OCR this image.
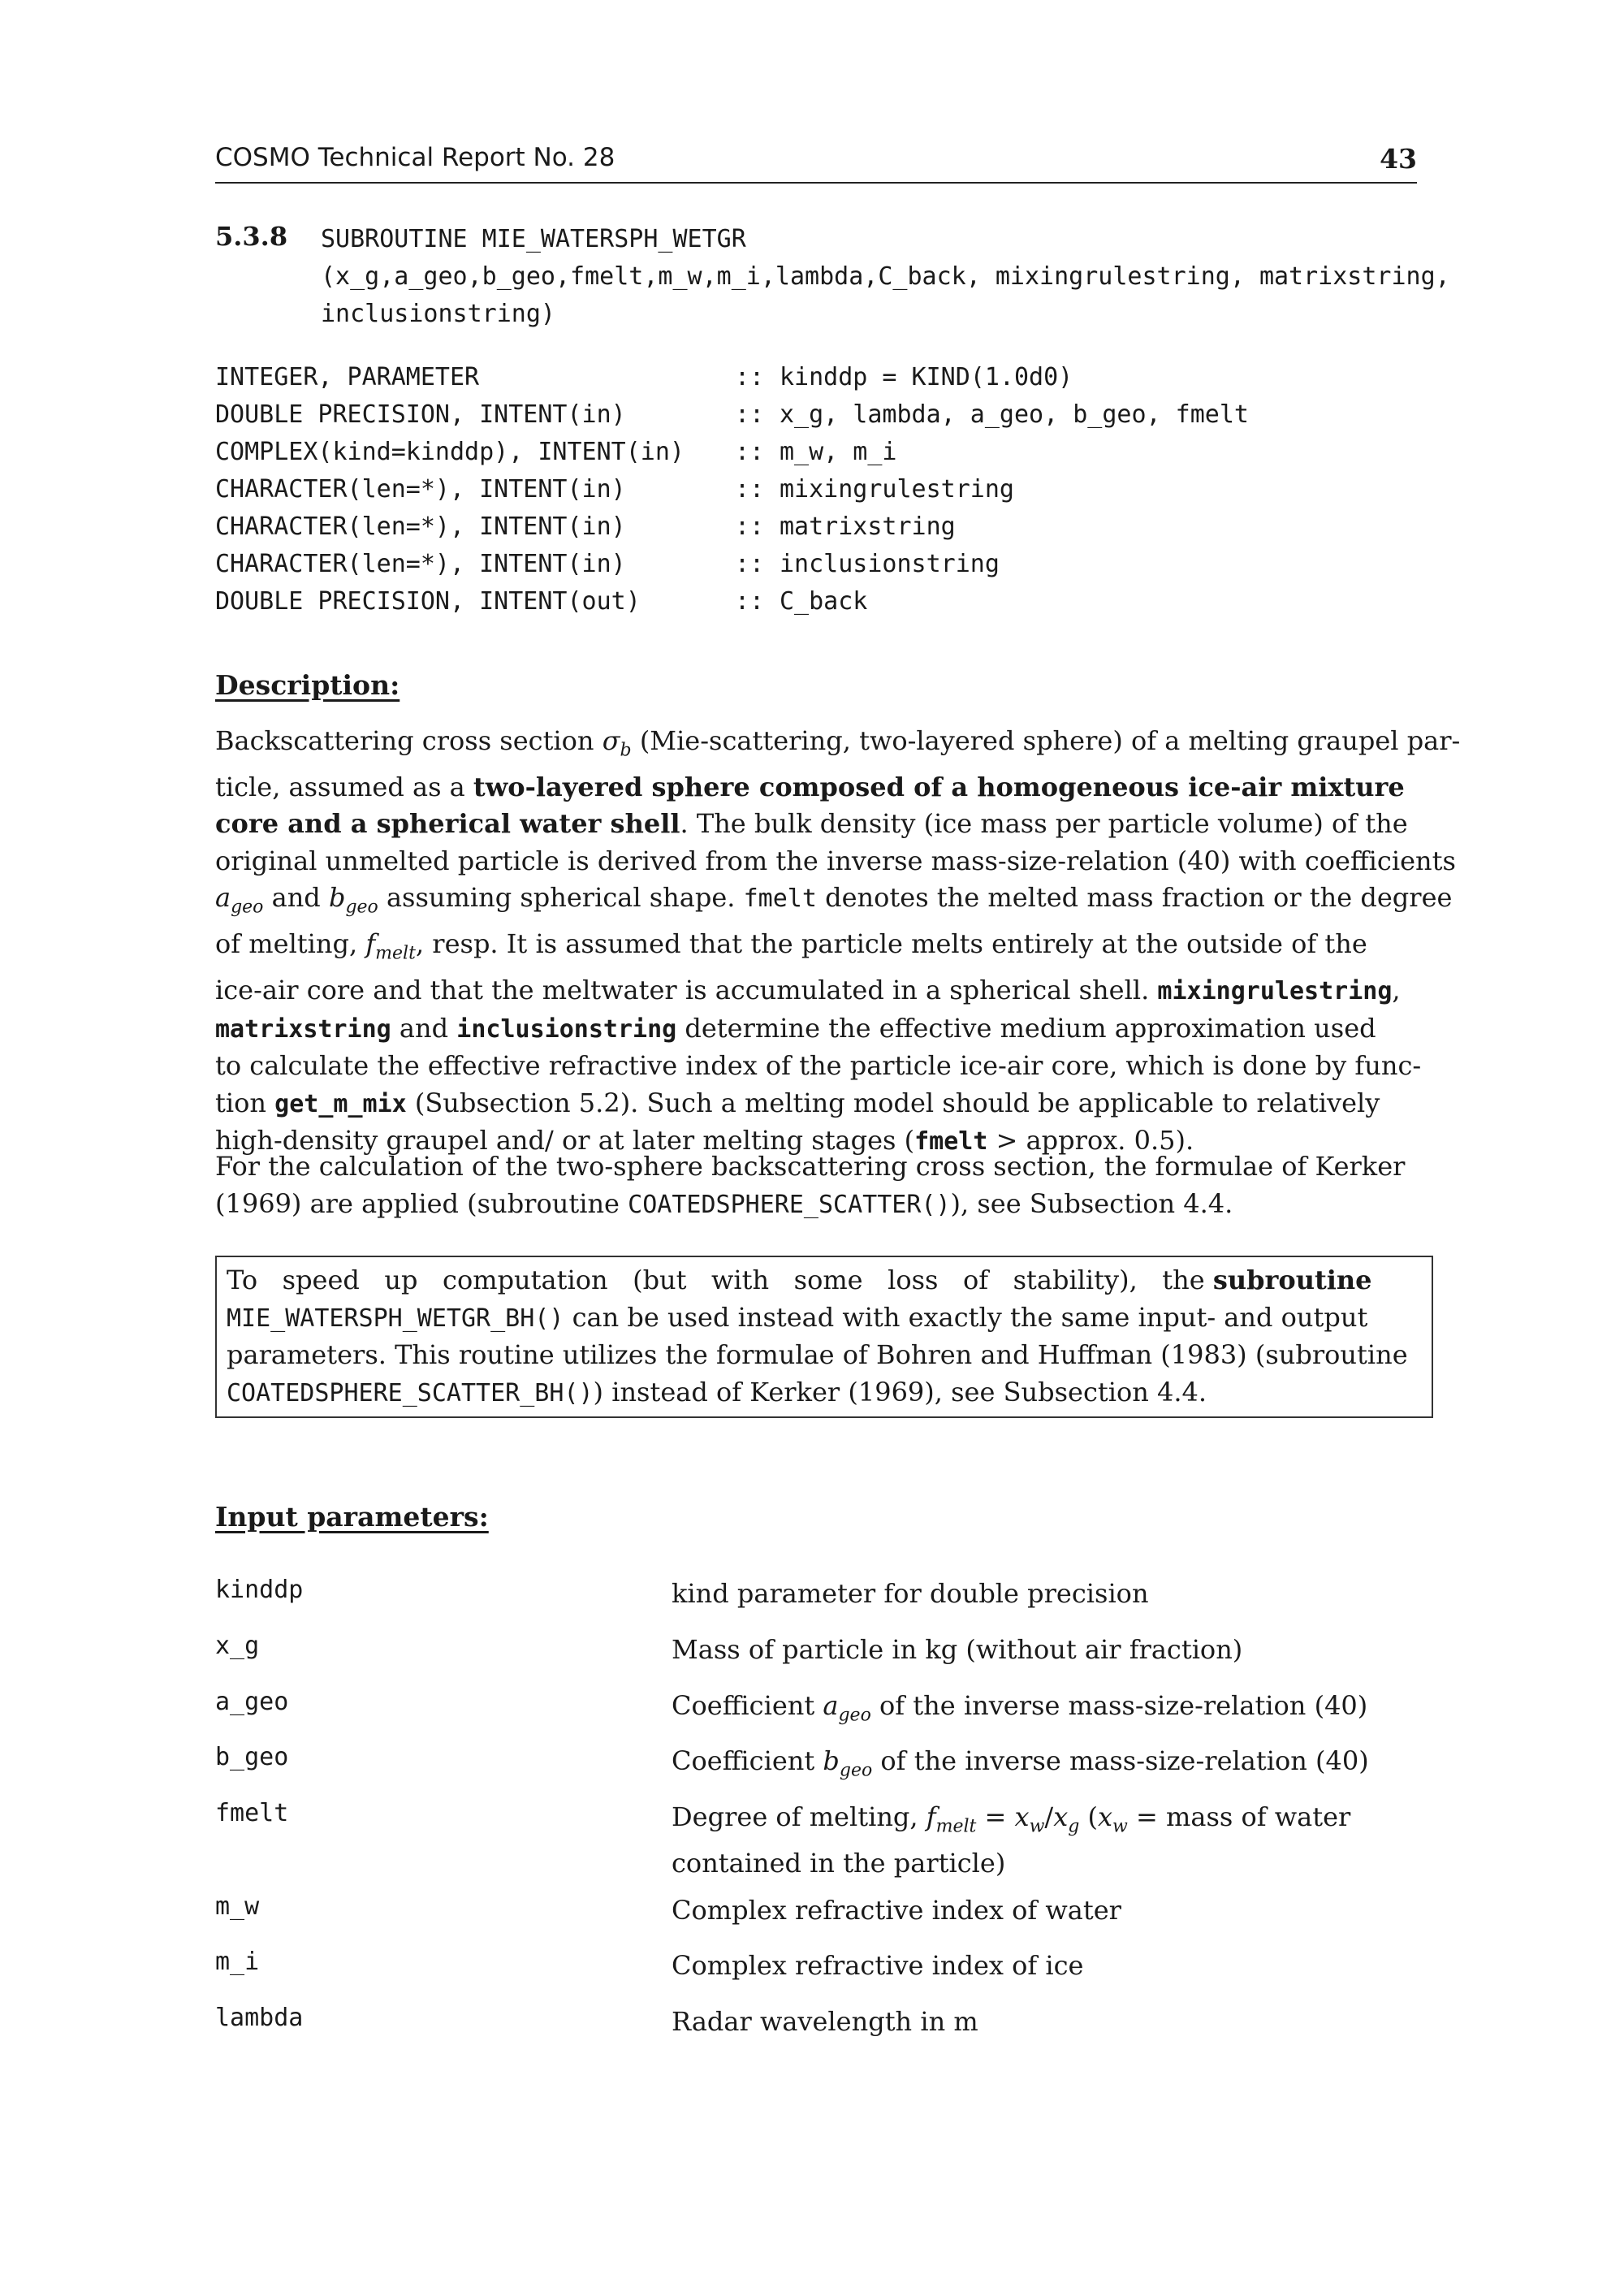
COSMO Technical Report No. 28	43
5.3.8 SUBROUTINE MIE_WATERSPH_WETGR
(x_g,a_geo,b_geo,fmelt,m_w,m_i,lambda,C_back, mixingrulestring, matrixstring,
inclusionstring)
INTEGER, PARAMETER	:: kinddp = KIND(1.0d0)
DOUBLE PRECISION, INTENT(in)	:: x_g, lambda, a_geo, b_geo, fmelt
COMPLEX(kind=kinddp), INTENT(in)	:: m_w, m_i
CHARACTER(len=*), INTENT(in)	:: mixingrulestring
CHARACTER(len=*), INTENT(in)	:: matrixstring
CHARACTER(len=*), INTENT(in)	:: inclusionstring
DOUBLE PRECISION, INTENT(out)	:: C_back
Description:
Backscattering cross section $\sigma_b$ (Mie-scattering, two-layered sphere) of a melting graupel par-
ticle, assumed as a two-layered sphere composed of a homogeneous ice-air mixture
core and a spherical water shell. The bulk density (ice mass per particle volume) of the
original unmelted particle is derived from the inverse mass-size-relation (40) with coefficients
$a_{geo}$ and $b_{geo}$ assuming spherical shape. fmelt denotes the melted mass fraction or the degree
of melting, $f_{melt}$, resp. It is assumed that the particle melts entirely at the outside of the
ice-air core and that the meltwater is accumulated in a spherical shell. mixingrulestring,
matrixstring and inclusionstring determine the effective medium approximation used
to calculate the effective refractive index of the particle ice-air core, which is done by func-
tion get_m_mix (Subsection 5.2). Such a melting model should be applicable to relatively
high-density graupel and/ or at later melting stages (fmelt > approx. 0.5).
For the calculation of the two-sphere backscattering cross section, the formulae of Kerker
(1969) are applied (subroutine COATEDSPHERE_SCATTER()), see Subsection 4.4.
To   speed   up   computation   (but   with   some   loss   of   stability),   the subroutine
MIE_WATERSPH_WETGR_BH() can be used instead with exactly the same input- and output
parameters. This routine utilizes the formulae of Bohren and Huffman (1983) (subroutine
COATEDSPHERE_SCATTER_BH()) instead of Kerker (1969), see Subsection 4.4.
Input parameters:
kinddp	kind parameter for double precision
x_g	Mass of particle in kg (without air fraction)
a_geo	Coefficient $a_{geo}$ of the inverse mass-size-relation (40)
b_geo	Coefficient $b_{geo}$ of the inverse mass-size-relation (40)
fmelt	Degree of melting, $f_{melt} = x_w/x_g$ ($x_w$ = mass of water
contained in the particle)
m_w	Complex refractive index of water
m_i	Complex refractive index of ice
lambda	Radar wavelength in m
